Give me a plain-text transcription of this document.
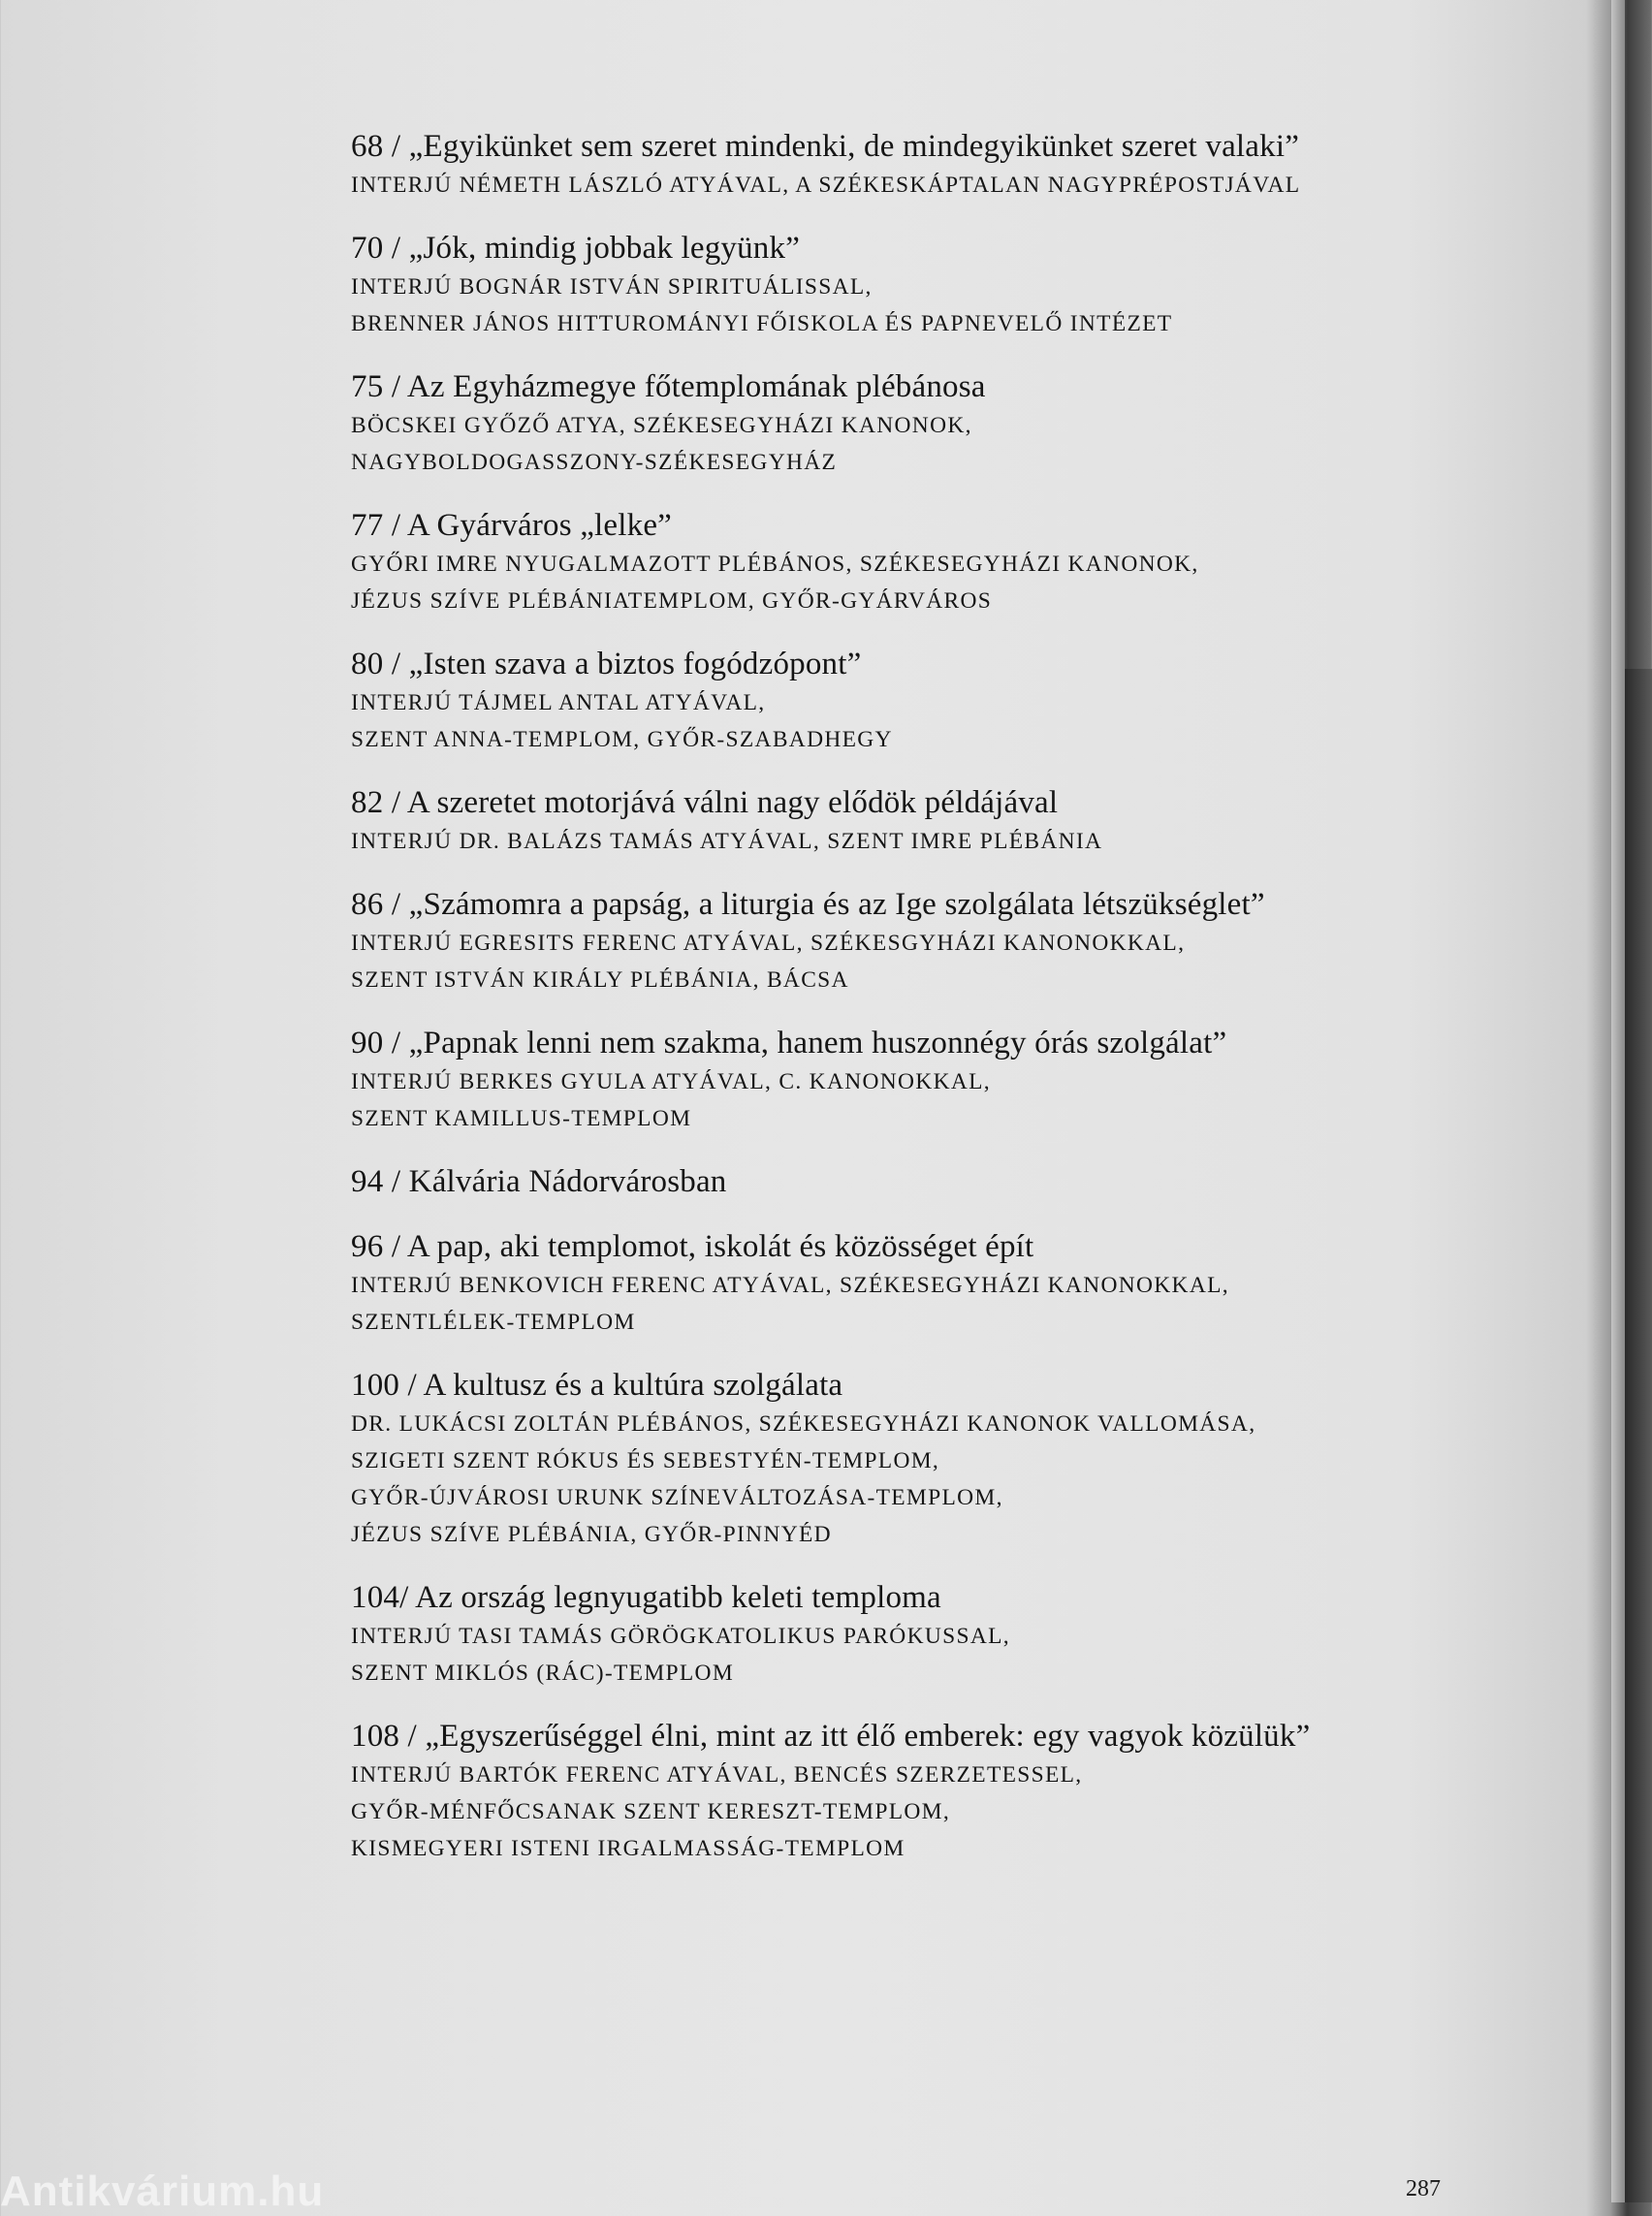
68 / „Egyikünket sem szeret mindenki, de mindegyikünket szeret valaki”
INTERJÚ NÉMETH LÁSZLÓ ATYÁVAL, A SZÉKESKÁPTALAN NAGYPRÉPOSTJÁVAL
70 / „Jók, mindig jobbak legyünk”
INTERJÚ BOGNÁR ISTVÁN SPIRITUÁLISSAL,
BRENNER JÁNOS HITTUROMÁNYI FŐISKOLA ÉS PAPNEVELŐ INTÉZET
75 / Az Egyházmegye főtemplomának plébánosa
BÖCSKEI GYŐZŐ ATYA, SZÉKESEGYHÁZI KANONOK,
NAGYBOLDOGASSZONY-SZÉKESEGYHÁZ
77 / A Gyárváros „lelke”
GYŐRI IMRE NYUGALMAZOTT PLÉBÁNOS, SZÉKESEGYHÁZI KANONOK,
JÉZUS SZÍVE PLÉBÁNIATEMPLOM, GYŐR-GYÁRVÁROS
80 / „Isten szava a biztos fogódzópont”
INTERJÚ TÁJMEL ANTAL ATYÁVAL,
SZENT ANNA-TEMPLOM, GYŐR-SZABADHEGY
82 / A szeretet motorjává válni nagy elődök példájával
INTERJÚ DR. BALÁZS TAMÁS ATYÁVAL, SZENT IMRE PLÉBÁNIA
86 / „Számomra a papság, a liturgia és az Ige szolgálata létszükséglet”
INTERJÚ EGRESITS FERENC ATYÁVAL, SZÉKESGYHÁZI KANONOKKAL,
SZENT ISTVÁN KIRÁLY PLÉBÁNIA, BÁCSA
90 / „Papnak lenni nem szakma, hanem huszonnégy órás szolgálat”
INTERJÚ BERKES GYULA ATYÁVAL, C. KANONOKKAL,
SZENT KAMILLUS-TEMPLOM
94 / Kálvária Nádorvárosban
96 / A pap, aki templomot, iskolát és közösséget épít
INTERJÚ BENKOVICH FERENC ATYÁVAL, SZÉKESEGYHÁZI KANONOKKAL,
SZENTLÉLEK-TEMPLOM
100 / A kultusz és a kultúra szolgálata
DR. LUKÁCSI ZOLTÁN PLÉBÁNOS, SZÉKESEGYHÁZI KANONOK VALLOMÁSA,
SZIGETI SZENT RÓKUS ÉS SEBESTYÉN-TEMPLOM,
GYŐR-ÚJVÁROSI URUNK SZÍNEVÁLTOZÁSA-TEMPLOM,
JÉZUS SZÍVE PLÉBÁNIA, GYŐR-PINNYÉD
104/ Az ország legnyugatibb keleti temploma
INTERJÚ TASI TAMÁS GÖRÖGKATOLIKUS PARÓKUSSAL,
SZENT MIKLÓS (RÁC)-TEMPLOM
108 / „Egyszerűséggel élni, mint az itt élő emberek: egy vagyok közülük”
INTERJÚ BARTÓK FERENC ATYÁVAL, BENCÉS SZERZETESSEL,
GYŐR-MÉNFŐCSANAK SZENT KERESZT-TEMPLOM,
KISMEGYERI ISTENI IRGALMASSÁG-TEMPLOM
287
Antikvárium.hu
